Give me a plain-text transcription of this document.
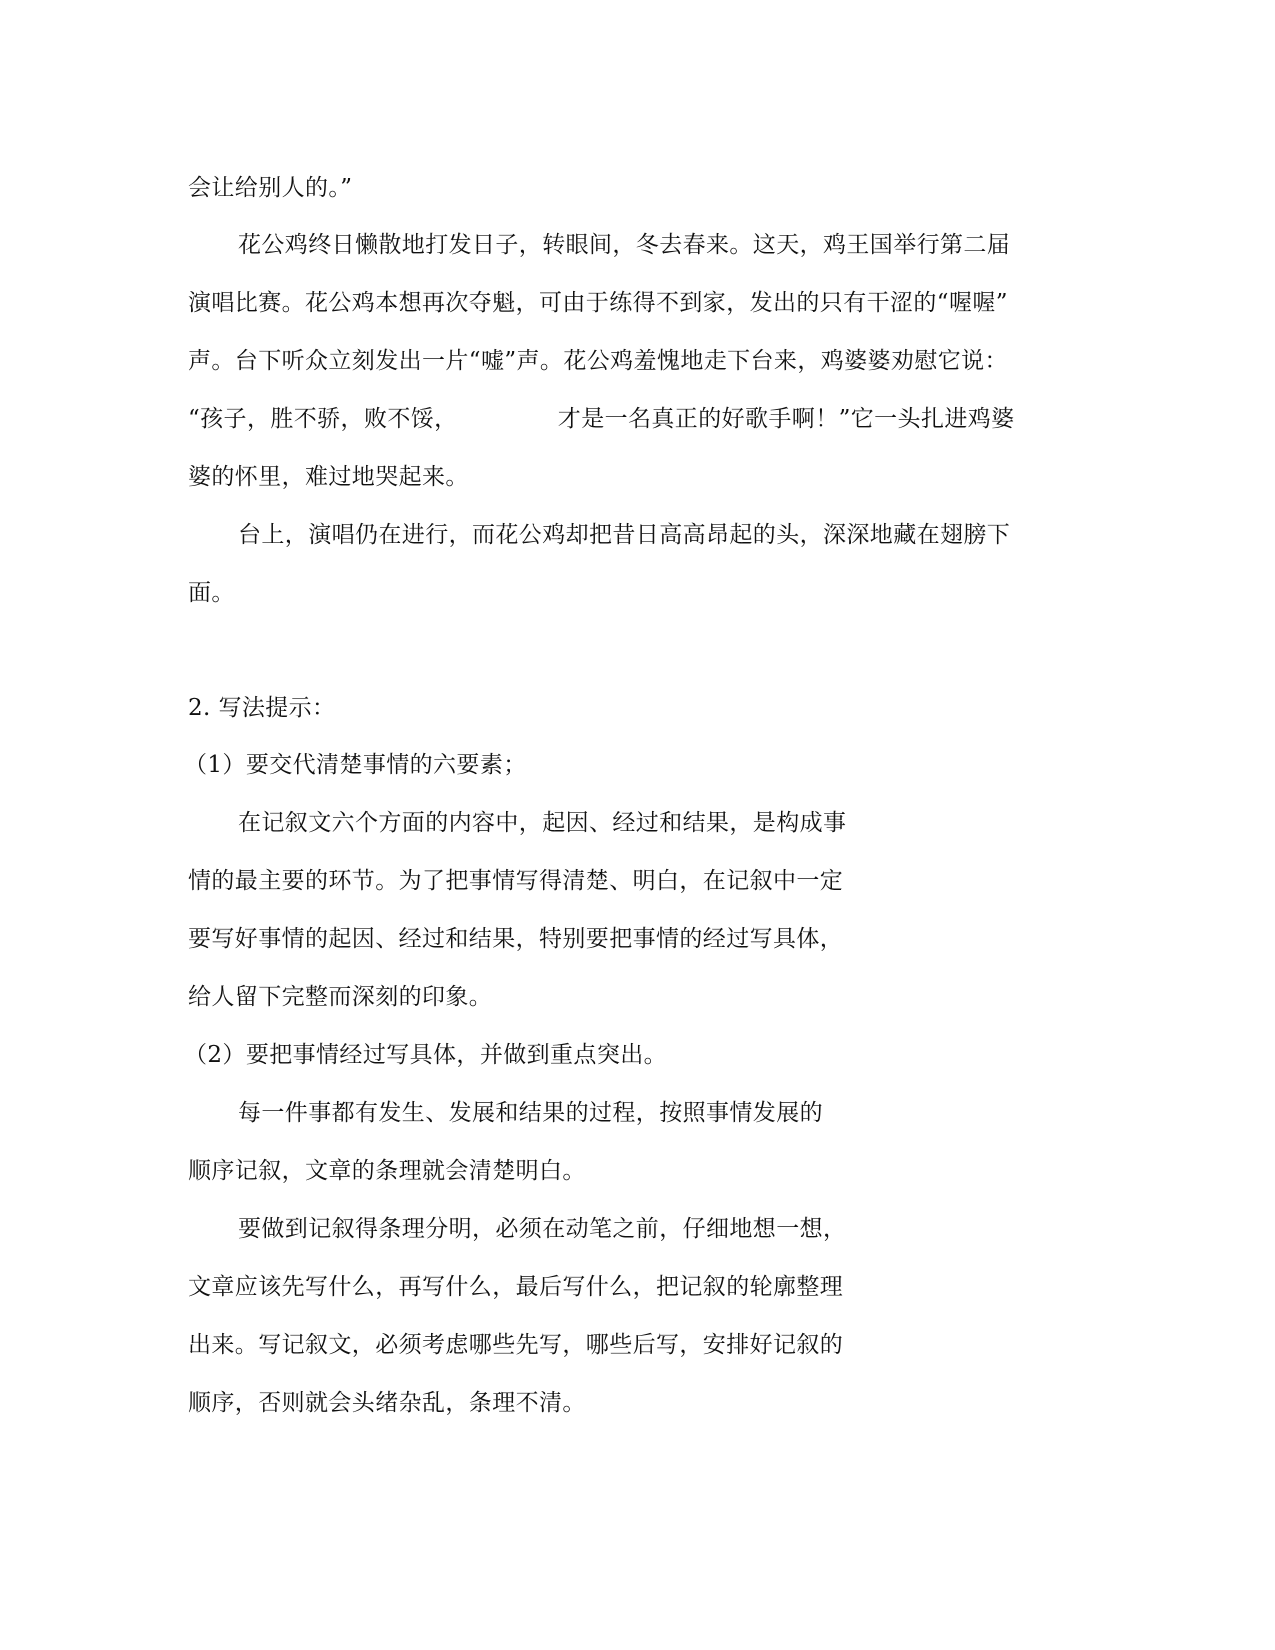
会让给别人的。”
花公鸡终日懒散地打发日子，转眼间，冬去春来。这天，鸡王国举行第二届
演唱比赛。花公鸡本想再次夺魁，可由于练得不到家，发出的只有干涩的“喔喔”
声。台下听众立刻发出一片“嘘”声。花公鸡羞愧地走下台来，鸡婆婆劝慰它说：
“孩子，胜不骄，败不馁，             才是一名真正的好歌手啊！”它一头扎进鸡婆
婆的怀里，难过地哭起来。
台上，演唱仍在进行，而花公鸡却把昔日高高昂起的头，深深地藏在翅膀下
面。
2. 写法提示：
（1）要交代清楚事情的六要素；
在记叙文六个方面的内容中，起因、经过和结果，是构成事
情的最主要的环节。为了把事情写得清楚、明白，在记叙中一定
要写好事情的起因、经过和结果，特别要把事情的经过写具体，
给人留下完整而深刻的印象。
（2）要把事情经过写具体，并做到重点突出。
每一件事都有发生、发展和结果的过程，按照事情发展的
顺序记叙，文章的条理就会清楚明白。
要做到记叙得条理分明，必须在动笔之前，仔细地想一想，
文章应该先写什么，再写什么，最后写什么，把记叙的轮廓整理
出来。写记叙文，必须考虑哪些先写，哪些后写，安排好记叙的
顺序，否则就会头绪杂乱，条理不清。
